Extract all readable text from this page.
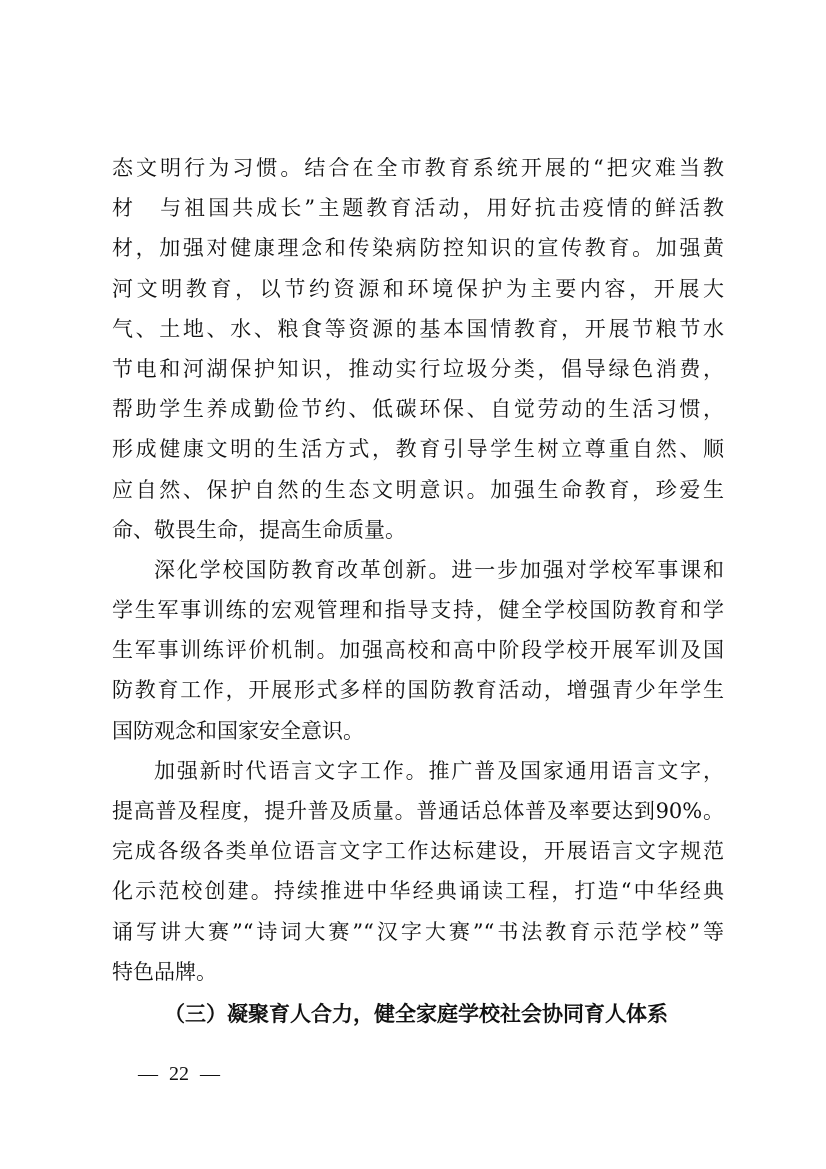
态文明行为习惯。结合在全市教育系统开展的“把灾难当教
材　与祖国共成长”主题教育活动，用好抗击疫情的鲜活教
材，加强对健康理念和传染病防控知识的宣传教育。加强黄
河文明教育，以节约资源和环境保护为主要内容，开展大
气、土地、水、粮食等资源的基本国情教育，开展节粮节水
节电和河湖保护知识，推动实行垃圾分类，倡导绿色消费，
帮助学生养成勤俭节约、低碳环保、自觉劳动的生活习惯，
形成健康文明的生活方式，教育引导学生树立尊重自然、顺
应自然、保护自然的生态文明意识。加强生命教育，珍爱生
命、敬畏生命，提高生命质量。
深化学校国防教育改革创新。进一步加强对学校军事课和
学生军事训练的宏观管理和指导支持，健全学校国防教育和学
生军事训练评价机制。加强高校和高中阶段学校开展军训及国
防教育工作，开展形式多样的国防教育活动，增强青少年学生
国防观念和国家安全意识。
加强新时代语言文字工作。推广普及国家通用语言文字，
提高普及程度，提升普及质量。普通话总体普及率要达到90%。
完成各级各类单位语言文字工作达标建设，开展语言文字规范
化示范校创建。持续推进中华经典诵读工程，打造“中华经典
诵写讲大赛”“诗词大赛”“汉字大赛”“书法教育示范学校”等
特色品牌。
（三）凝聚育人合力，健全家庭学校社会协同育人体系
— 22 —
